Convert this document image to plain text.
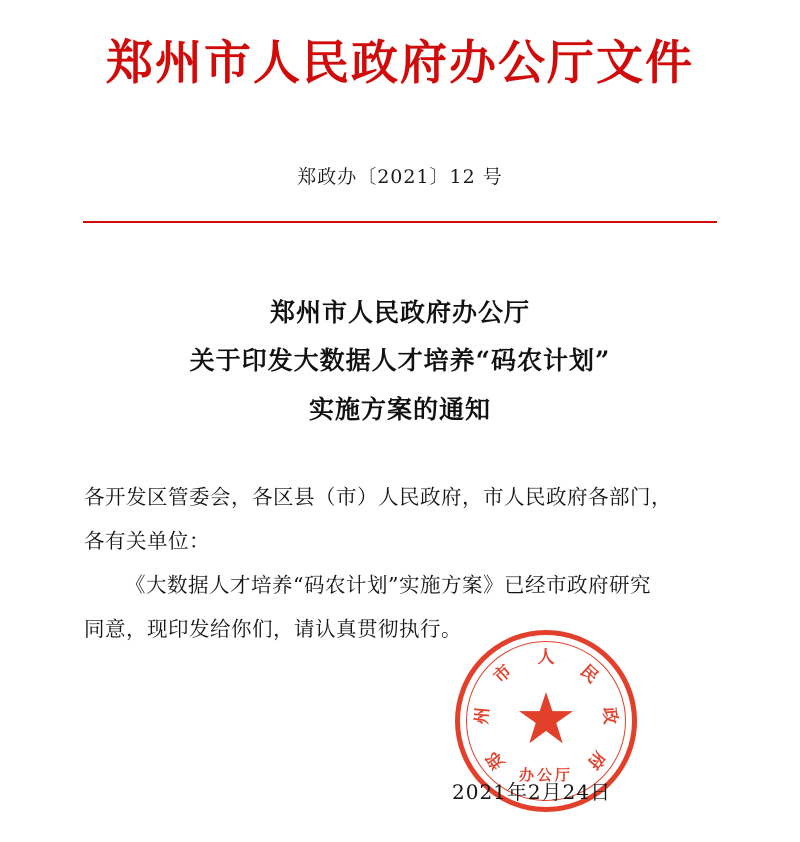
郑州市人民政府办公厅文件
郑政办〔2021〕12 号
郑州市人民政府办公厅
关于印发大数据人才培养“码农计划”
实施方案的通知
各开发区管委会，各区县（市）人民政府，市人民政府各部门，
各有关单位：
《大数据人才培养“码农计划”实施方案》已经市政府研究
同意，现印发给你们，请认真贯彻执行。
郑
州
市
人
民
政
府
办公厅
2021年2月24日
